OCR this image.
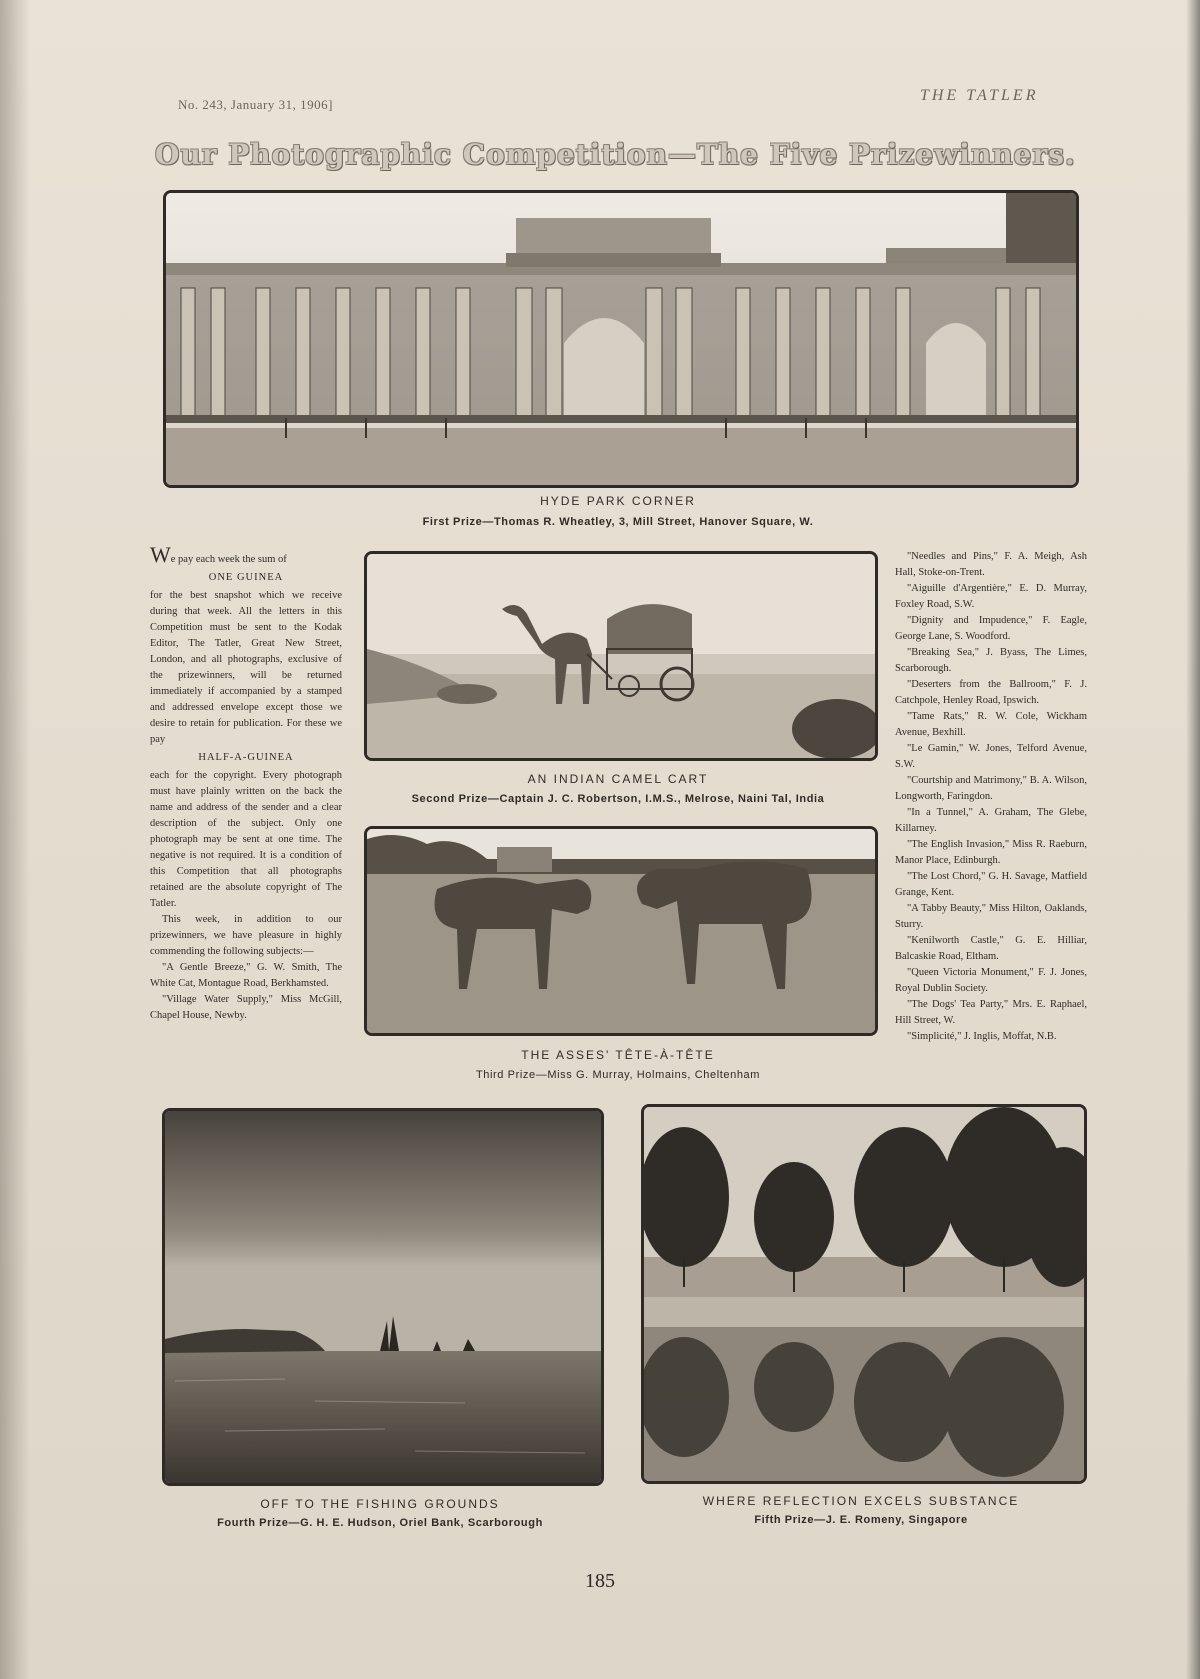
No. 243, January 31, 1906]
THE TATLER
Our Photographic Competition—The Five Prizewinners.
HYDE PARK CORNER
First Prize—Thomas R. Wheatley, 3, Mill Street, Hanover Square, W.

We pay each week the sum of

ONE GUINEA

for the best snapshot which we receive during that week. All the letters in this Competition must be sent to the Kodak Editor, The Tatler, Great New Street, London, and all photographs, exclusive of the prizewinners, will be returned immediately if accompanied by a stamped and addressed envelope except those we desire to retain for publication. For these we pay

HALF-A-GUINEA

each for the copyright. Every photograph must have plainly written on the back the name and address of the sender and a clear description of the subject. Only one photograph may be sent at one time. The negative is not required. It is a condition of this Competition that all photographs retained are the absolute copyright of The Tatler.

This week, in addition to our prizewinners, we have pleasure in highly commending the following subjects:—

"A Gentle Breeze," G. W. Smith, The White Cat, Montague Road, Berkhamsted.

"Village Water Supply," Miss McGill, Chapel House, Newby.

AN INDIAN CAMEL CART
Second Prize—Captain J. C. Robertson, I.M.S., Melrose, Naini Tal, India
THE ASSES' TÊTE-À-TÊTE
Third Prize—Miss G. Murray, Holmains, Cheltenham

"Needles and Pins," F. A. Meigh, Ash Hall, Stoke-on-Trent.

"Aiguille d'Argentière," E. D. Murray, Foxley Road, S.W.

"Dignity and Impudence," F. Eagle, George Lane, S. Woodford.

"Breaking Sea," J. Byass, The Limes, Scarborough.

"Deserters from the Ballroom," F. J. Catchpole, Henley Road, Ipswich.

"Tame Rats," R. W. Cole, Wickham Avenue, Bexhill.

"Le Gamin," W. Jones, Telford Avenue, S.W.

"Courtship and Matrimony," B. A. Wilson, Longworth, Faringdon.

"In a Tunnel," A. Graham, The Glebe, Killarney.

"The English Invasion," Miss R. Raeburn, Manor Place, Edinburgh.

"The Lost Chord," G. H. Savage, Matfield Grange, Kent.

"A Tabby Beauty," Miss Hilton, Oaklands, Sturry.

"Kenilworth Castle," G. E. Hilliar, Balcaskie Road, Eltham.

"Queen Victoria Monument," F. J. Jones, Royal Dublin Society.

"The Dogs' Tea Party," Mrs. E. Raphael, Hill Street, W.

"Simplicité," J. Inglis, Moffat, N.B.

OFF TO THE FISHING GROUNDS
Fourth Prize—G. H. E. Hudson, Oriel Bank, Scarborough
WHERE REFLECTION EXCELS SUBSTANCE
Fifth Prize—J. E. Romeny, Singapore
185
